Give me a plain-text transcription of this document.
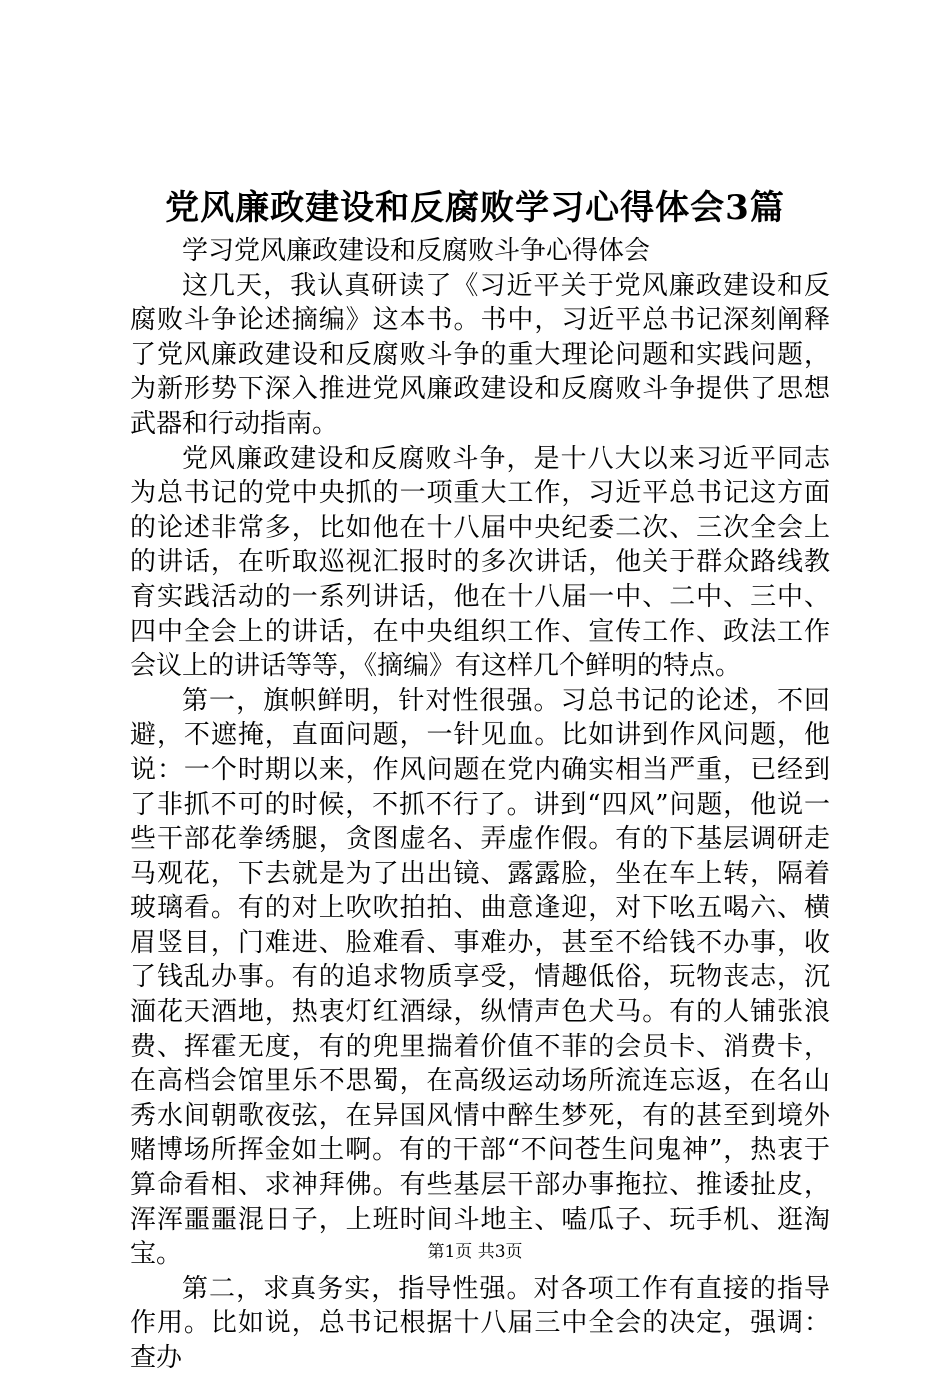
党风廉政建设和反腐败学习心得体会3篇

学习党风廉政建设和反腐败斗争心得体会

这几天，我认真研读了《习近平关于党风廉政建设和反腐败斗争论述摘编》这本书。书中，习近平总书记深刻阐释了党风廉政建设和反腐败斗争的重大理论问题和实践问题，为新形势下深入推进党风廉政建设和反腐败斗争提供了思想武器和行动指南。

党风廉政建设和反腐败斗争，是十八大以来习近平同志为总书记的党中央抓的一项重大工作，习近平总书记这方面的论述非常多，比如他在十八届中央纪委二次、三次全会上的讲话，在听取巡视汇报时的多次讲话，他关于群众路线教育实践活动的一系列讲话，他在十八届一中、二中、三中、四中全会上的讲话，在中央组织工作、宣传工作、政法工作会议上的讲话等等，《摘编》有这样几个鲜明的特点。

第一，旗帜鲜明，针对性很强。习总书记的论述，不回避，不遮掩，直面问题，一针见血。比如讲到作风问题，他说：一个时期以来，作风问题在党内确实相当严重，已经到了非抓不可的时候，不抓不行了。讲到“四风”问题，他说一些干部花拳绣腿，贪图虚名、弄虚作假。有的下基层调研走马观花，下去就是为了出出镜、露露脸，坐在车上转，隔着玻璃看。有的对上吹吹拍拍、曲意逢迎，对下吆五喝六、横眉竖目，门难进、脸难看、事难办，甚至不给钱不办事，收了钱乱办事。有的追求物质享受，情趣低俗，玩物丧志，沉湎花天酒地，热衷灯红酒绿，纵情声色犬马。有的人铺张浪费、挥霍无度，有的兜里揣着价值不菲的会员卡、消费卡，在高档会馆里乐不思蜀，在高级运动场所流连忘返，在名山秀水间朝歌夜弦，在异国风情中醉生梦死，有的甚至到境外赌博场所挥金如土啊。有的干部“不问苍生问鬼神”，热衷于算命看相、求神拜佛。有些基层干部办事拖拉、推诿扯皮，浑浑噩噩混日子，上班时间斗地主、嗑瓜子、玩手机、逛淘宝。

第二，求真务实，指导性强。对各项工作有直接的指导作用。比如说，总书记根据十八届三中全会的决定，强调：查办

第1页 共3页
